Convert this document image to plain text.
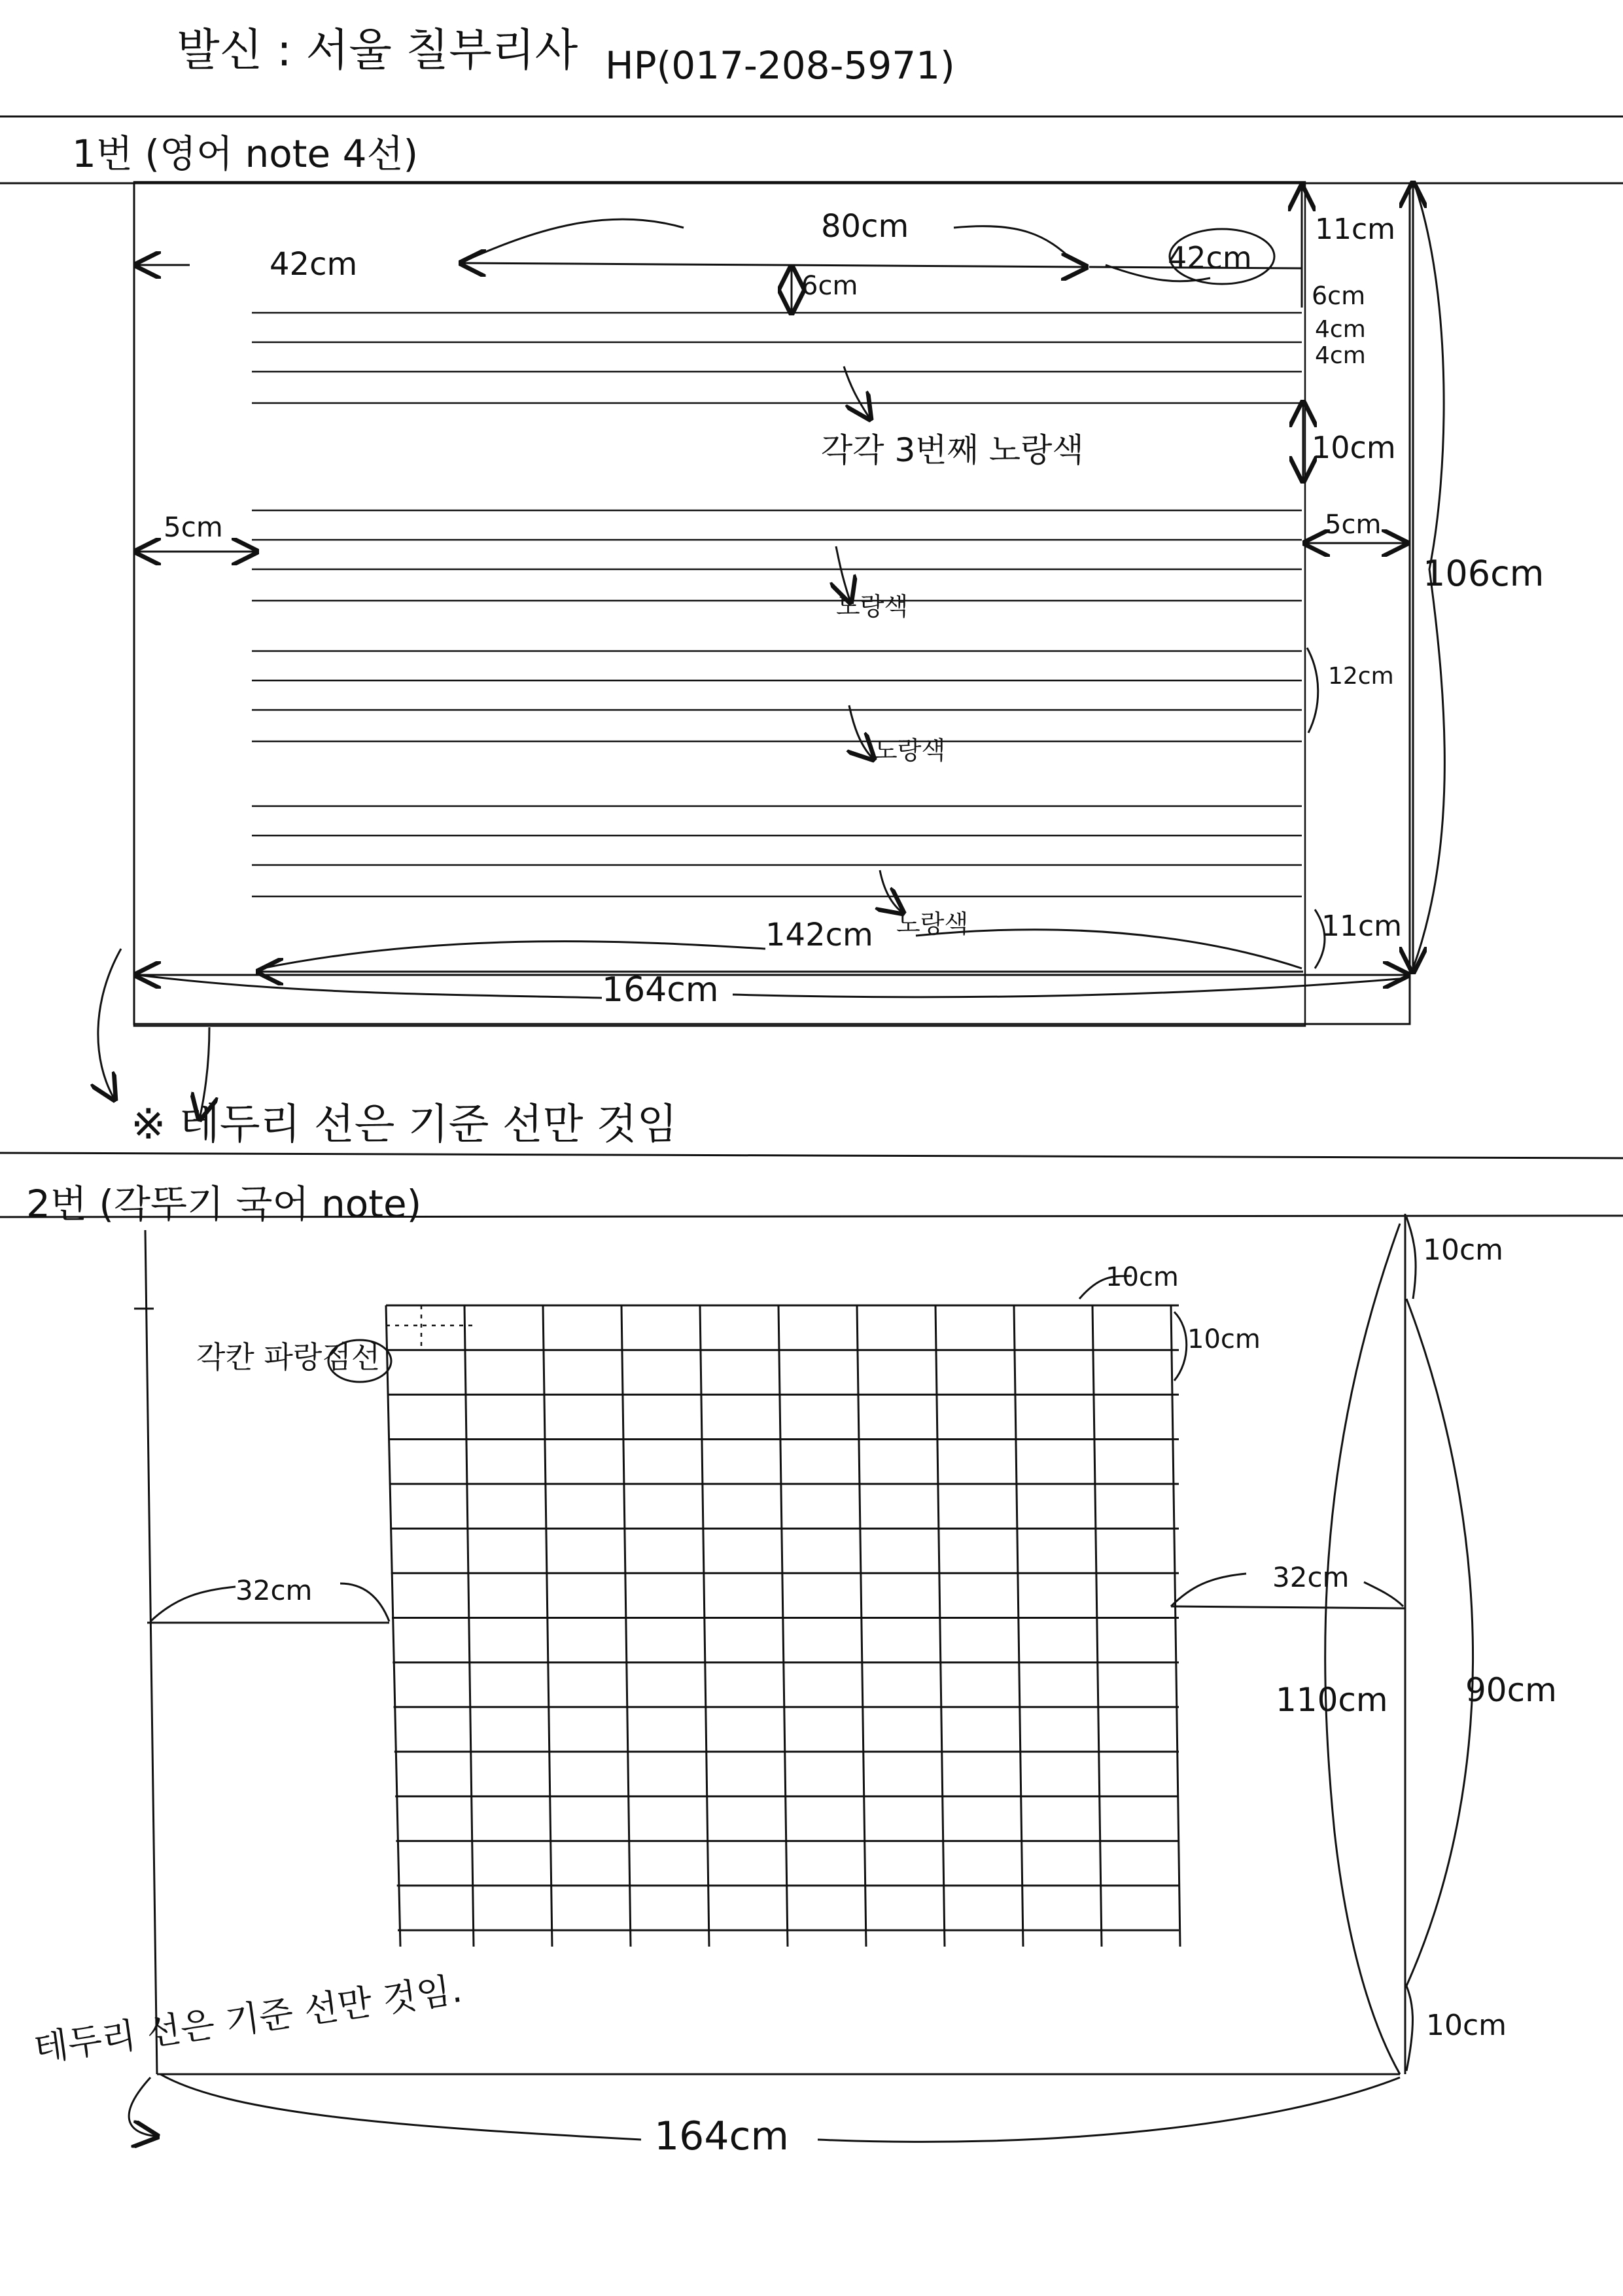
발신 : 서울 칠부리사 HP(017-208-5971)
1번 (영어 note 4선)
42cm
80cm
42cm
6cm
11cm
6cm
4cm
4cm
10cm
5cm	5cm
106cm
12cm
11cm
142cm
164cm
각각 3번째 노랑색
노랑색
노랑색
노랑색
※ 테두리 선은 기준 선만 것임
2번 (각뚜기 국어 note)
10cm
10cm
10cm
각칸 파랑점선
32cm	32cm
110cm 90cm
10cm
164cm
테두리 선은 기준 선만 것임.
